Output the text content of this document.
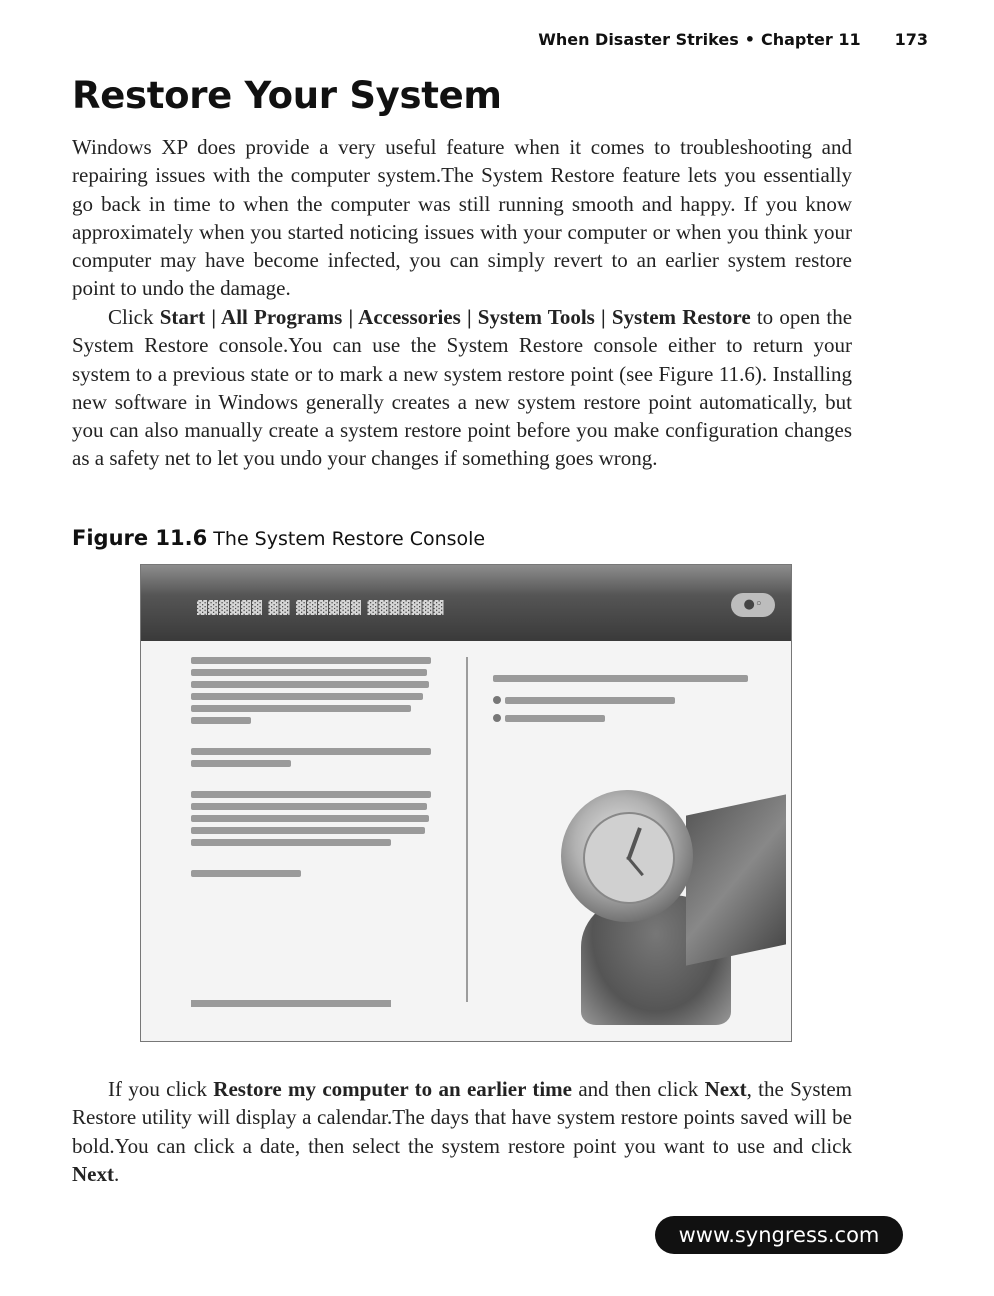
When Disaster Strikes • Chapter 11 173
Restore Your System

Windows XP does provide a very useful feature when it comes to troubleshooting and repairing issues with the computer system.The System Restore feature lets you essentially go back in time to when the computer was still running smooth and happy. If you know approximately when you started noticing issues with your computer or when you think your computer may have become infected, you can simply revert to an earlier system restore point to undo the damage.

Click Start | All Programs | Accessories | System Tools | System Restore to open the System Restore console.You can use the System Restore console either to return your system to a previous state or to mark a new system restore point (see Figure 11.6). Installing new software in Windows generally creates a new system restore point automatically, but you can also manually create a system restore point before you make configuration changes as a safety net to let you undo your changes if something goes wrong.

Figure 11.6 The System Restore Console

▓▓▓▓▓▓ ▓▓ ▓▓▓▓▓▓ ▓▓▓▓▓▓▓	●◦

If you click Restore my computer to an earlier time and then click Next, the System Restore utility will display a calendar.The days that have system restore points saved will be bold.You can click a date, then select the system restore point you want to use and click Next.

www.syngress.com
